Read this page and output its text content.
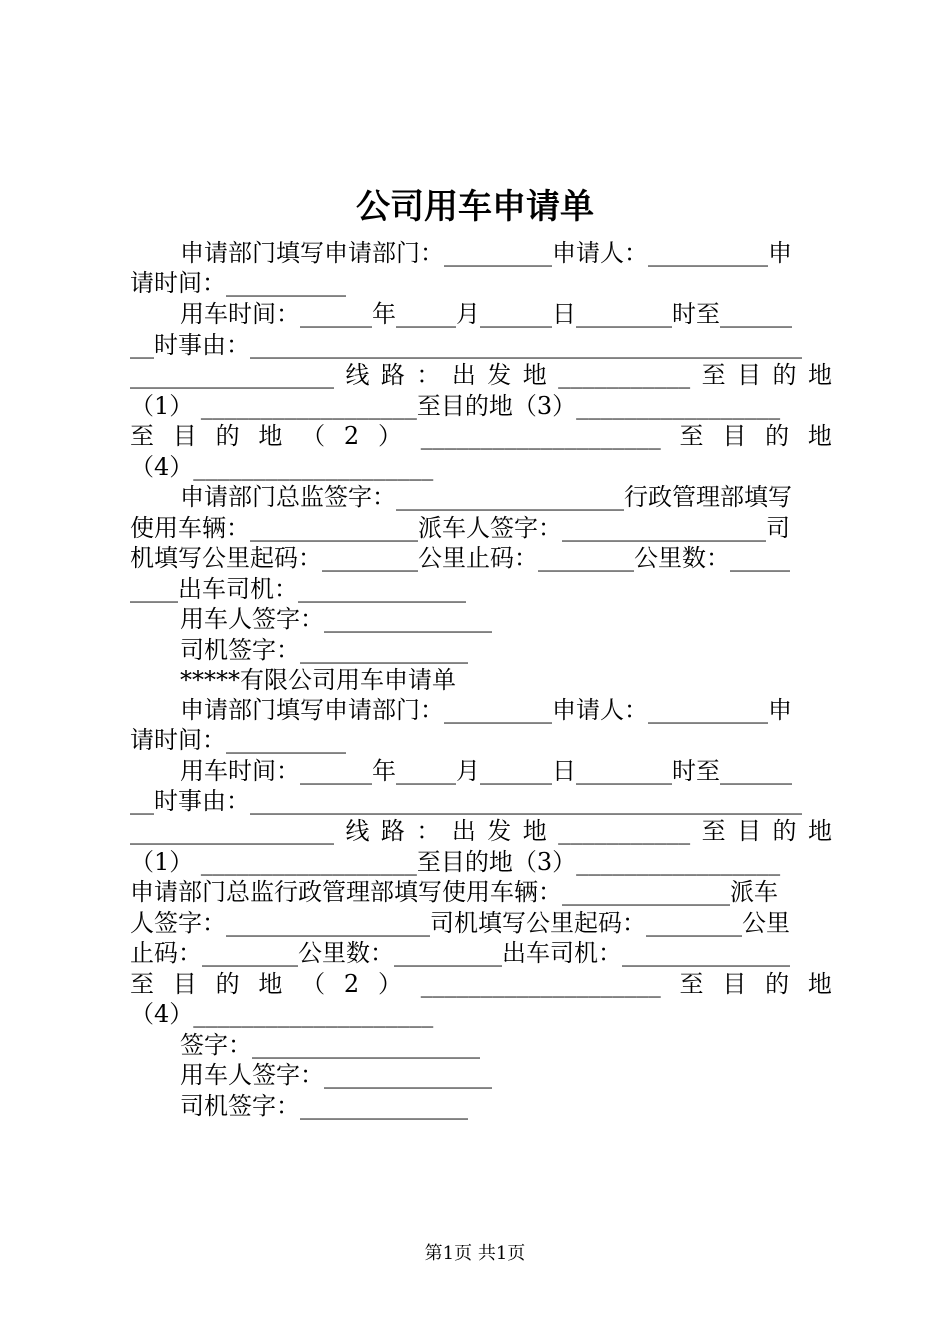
公司用车申请单
申请部门填写申请部门：_________申请人：__________申
请时间：__________
用车时间：______年_____月______日________时至______
__时事由：______________________________________________
_________________ 线 路 ： 出 发 地 ___________ 至 目 的 地
（1） __________________至目的地（3）_________________
至 目 的 地 （ 2 ） ____________________ 至 目 的 地
（4）____________________
申请部门总监签字：___________________行政管理部填写
使用车辆：______________派车人签字：_________________司
机填写公里起码：________公里止码：________公里数：_____
____出车司机：______________
用车人签字：______________
司机签字：______________
*****有限公司用车申请单
申请部门填写申请部门：_________申请人：__________申
请时间：__________
用车时间：______年_____月______日________时至______
__时事由：______________________________________________
_________________ 线 路 ： 出 发 地 ___________ 至 目 的 地
（1） __________________至目的地（3）_________________
申请部门总监行政管理部填写使用车辆：______________派车
人签字：_________________司机填写公里起码：________公里
止码：________公里数：_________出车司机：______________
至 目 的 地 （ 2 ） ____________________ 至 目 的 地
（4）____________________
签字：___________________
用车人签字：______________
司机签字：______________
第1页 共1页
